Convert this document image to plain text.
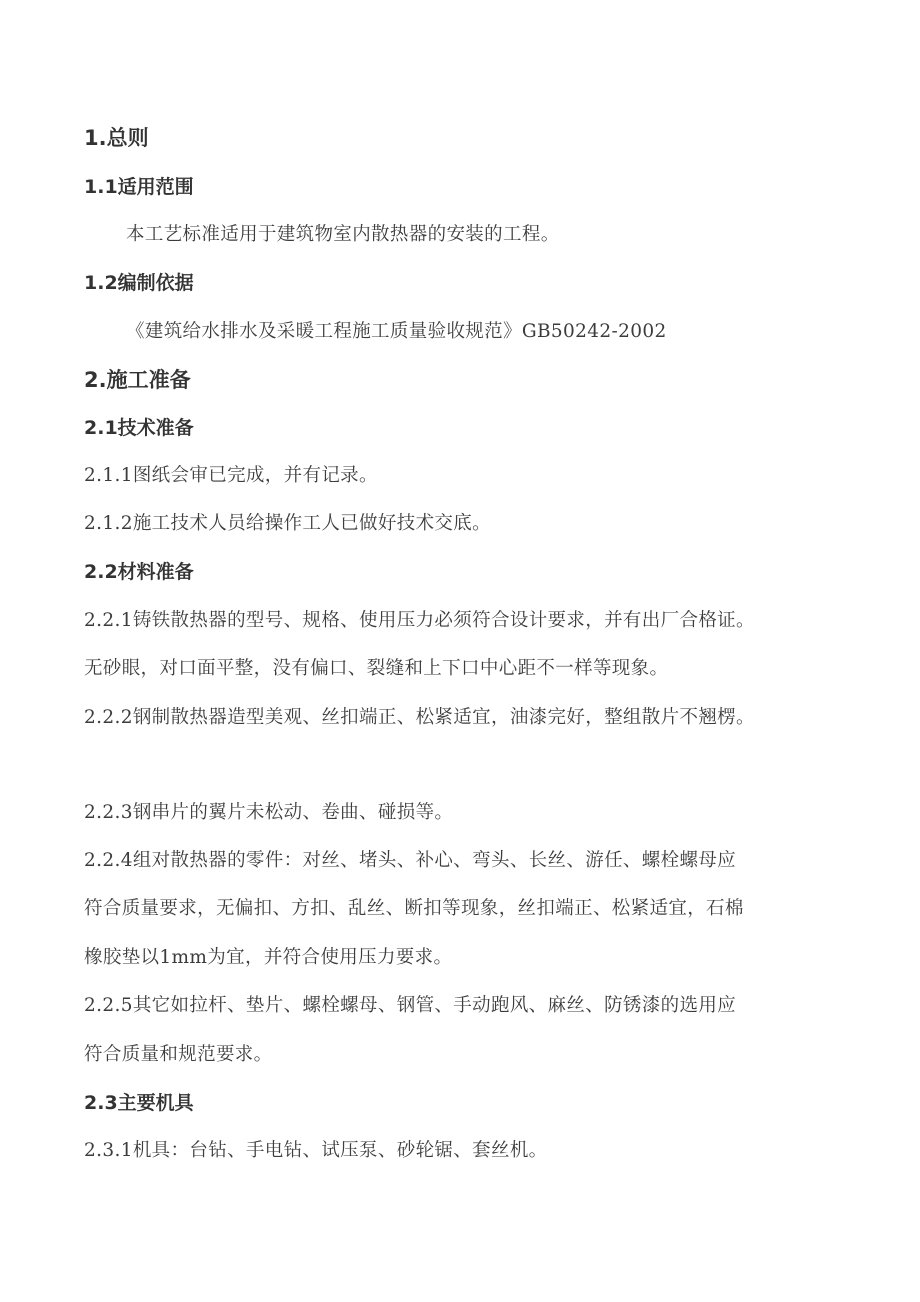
1.总则
1.1适用范围
本工艺标准适用于建筑物室内散热器的安装的工程。
1.2编制依据
《建筑给水排水及采暖工程施工质量验收规范》GB50242-2002
2.施工准备
2.1技术准备
2.1.1图纸会审已完成，并有记录。
2.1.2施工技术人员给操作工人已做好技术交底。
2.2材料准备
2.2.1铸铁散热器的型号、规格、使用压力必须符合设计要求，并有出厂合格证。
无砂眼，对口面平整，没有偏口、裂缝和上下口中心距不一样等现象。
2.2.2钢制散热器造型美观、丝扣端正、松紧适宜，油漆完好，整组散片不翘楞。
2.2.3钢串片的翼片未松动、卷曲、碰损等。
2.2.4组对散热器的零件：对丝、堵头、补心、弯头、长丝、游任、螺栓螺母应
符合质量要求，无偏扣、方扣、乱丝、断扣等现象，丝扣端正、松紧适宜，石棉
橡胶垫以1mm为宜，并符合使用压力要求。
2.2.5其它如拉杆、垫片、螺栓螺母、钢管、手动跑风、麻丝、防锈漆的选用应
符合质量和规范要求。
2.3主要机具
2.3.1机具：台钻、手电钻、试压泵、砂轮锯、套丝机。
